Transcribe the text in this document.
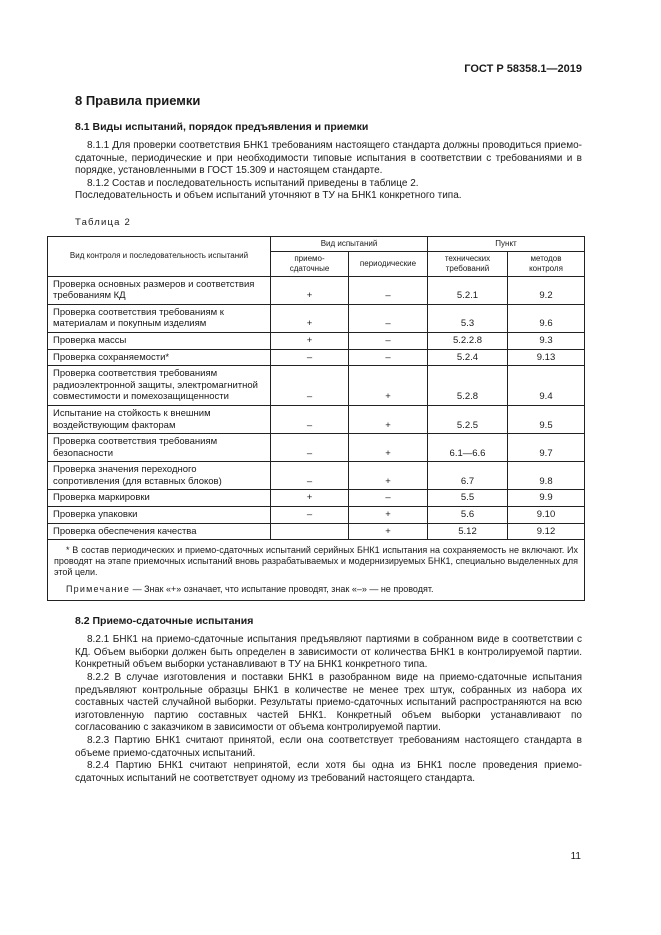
ГОСТ Р 58358.1—2019
8 Правила приемки
8.1 Виды испытаний, порядок предъявления и приемки

8.1.1 Для проверки соответствия БНК1 требованиям настоящего стандарта должны проводиться приемо-сдаточные, периодические и при необходимости типовые испытания в соответствии с требованиями и в порядке, установленными в ГОСТ 15.309 и настоящем стандарте.

8.1.2 Состав и последовательность испытаний приведены в таблице 2.

Последовательность и объем испытаний уточняют в ТУ на БНК1 конкретного типа.

Таблица 2
Вид контроля и последовательность испытаний	Вид испытаний		Пункт	
	приемо-сдаточные	периодические	технических требований	методов контроля
Проверка основных размеров и соответствия требованиям КД	+	–	5.2.1	9.2
Проверка соответствия требованиям к материалам и покупным изделиям	+	–	5.3	9.6
Проверка массы	+	–	5.2.2.8	9.3
Проверка сохраняемости*	–	–	5.2.4	9.13
Проверка соответствия требованиям радиоэлектронной защиты, электромагнитной совместимости и помехозащищенности	–	+	5.2.8	9.4
Испытание на стойкость к внешним воздействующим факторам	–	+	5.2.5	9.5
Проверка соответствия требованиям безопасности	–	+	6.1—6.6	9.7
Проверка значения переходного сопротивления (для вставных блоков)	–	+	6.7	9.8
Проверка маркировки	+	–	5.5	9.9
Проверка упаковки	–	+	5.6	9.10
Проверка обеспечения качества		+	5.12	9.12

* В состав периодических и приемо-сдаточных испытаний серийных БНК1 испытания на сохраняемость не включают. Их проводят на этапе приемочных испытаний вновь разрабатываемых и модернизируемых БНК1, специально выделенных для этой цели.
Примечание — Знак «+» означает, что испытание проводят, знак «–» — не проводят.				
8.2 Приемо-сдаточные испытания

8.2.1 БНК1 на приемо-сдаточные испытания предъявляют партиями в собранном виде в соответствии с КД. Объем выборки должен быть определен в зависимости от количества БНК1 в контролируемой партии. Конкретный объем выборки устанавливают в ТУ на БНК1 конкретного типа.

8.2.2 В случае изготовления и поставки БНК1 в разобранном виде на приемо-сдаточные испытания предъявляют контрольные образцы БНК1 в количестве не менее трех штук, собранных из набора их составных частей случайной выборки. Результаты приемо-сдаточных испытаний распространяются на всю изготовленную партию составных частей БНК1. Конкретный объем выборки устанавливают по согласованию с заказчиком в зависимости от объема контролируемой партии.

8.2.3 Партию БНК1 считают принятой, если она соответствует требованиям настоящего стандарта в объеме приемо-сдаточных испытаний.

8.2.4 Партию БНК1 считают непринятой, если хотя бы одна из БНК1 после проведения приемо-сдаточных испытаний не соответствует одному из требований настоящего стандарта.

11
